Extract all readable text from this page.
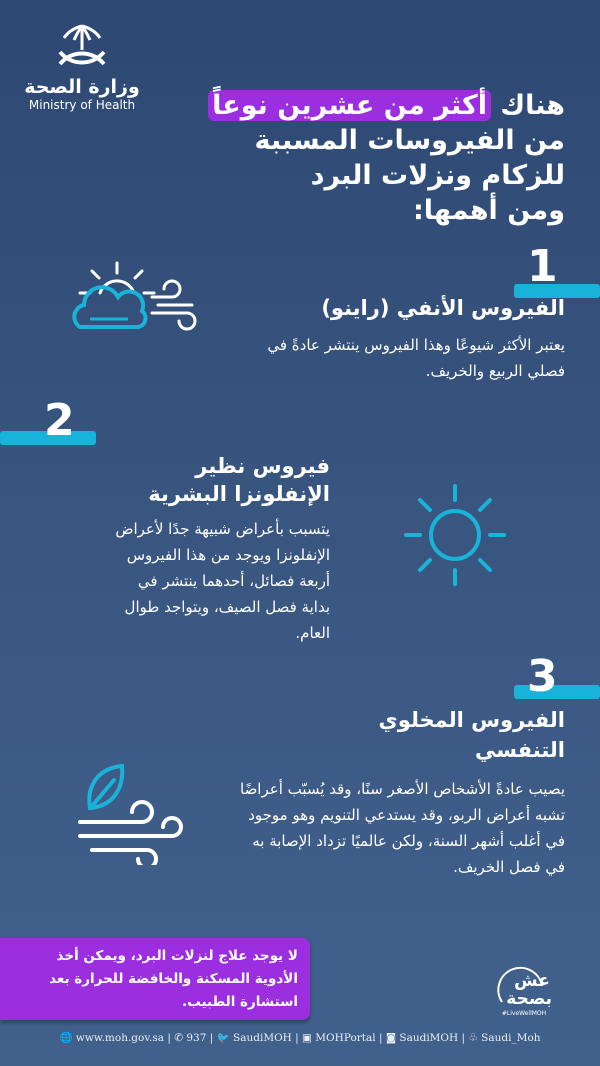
وزارة الصحة
Ministry of Health	هناك أكثر من عشرين نوعاً
من الفيروسات المسببة
للزكام ونزلات البرد
ومن أهمها:
1
الفيروس الأنفي (راينو)
يعتبر الأكثر شيوعًا وهذا الفيروس ينتشر عادةً في فصلي الربيع والخريف.
2
فيروس نظير
الإنفلونزا البشرية
يتسبب بأعراض شبيهة جدًا لأعراض الإنفلونزا ويوجد من هذا الفيروس أربعة فصائل، أحدهما ينتشر في بداية فصل الصيف، ويتواجد طوال العام.
3
الفيروس المخلوي
التنفسي
يصيب عادةً الأشخاص الأصغر سنًا، وقد يُسبّب أعراضًا تشبه أعراض الربو، وقد يستدعي التنويم وهو موجود في أغلب أشهر السنة، ولكن عالميًا تزداد الإصابة به في فصل الخريف.
لا يوجد علاج لنزلات البرد، ويمكن أخذ الأدوية المسكنة والخافضة للحرارة بعد استشارة الطبيب.
عش بصحة
#LiveWellMOH
🌐 www.moh.gov.sa | ✆ 937 | 🐦 SaudiMOH | ▣ MOHPortal | ◙ SaudiMOH | ♧ Saudi_Moh
